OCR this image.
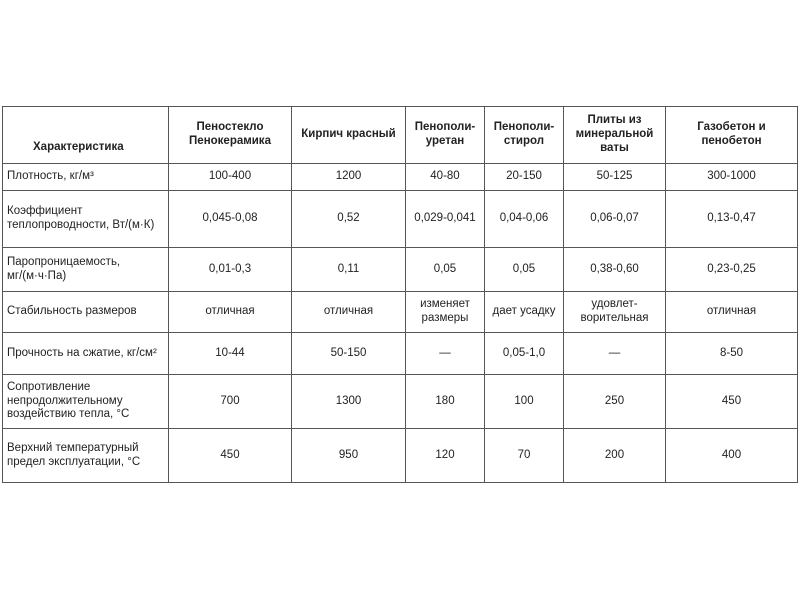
Характеристика	Пеностекло Пенокерамика	Кирпич красный	Пенополи-уретан	Пенополи-стирол	Плиты из минеральной ваты	Газобетон и пенобетон
Плотность, кг/м³	100-400	1200	40-80	20-150	50-125	300-1000
Коэффициент теплопроводности, Вт/(м·К)	0,045-0,08	0,52	0,029-0,041	0,04-0,06	0,06-0,07	0,13-0,47
Паропроницаемость, мг/(м·ч·Па)	0,01-0,3	0,11	0,05	0,05	0,38-0,60	0,23-0,25
Стабильность размеров	отличная	отличная	изменяет размеры	дает усадку	удовлет-ворительная	отличная
Прочность на сжатие, кг/см²	10-44	50-150	—	0,05-1,0	—	8-50
Сопротивление непродолжительному воздействию тепла, °С	700	1300	180	100	250	450
Верхний температурный предел эксплуатации, °С	450	950	120	70	200	400
